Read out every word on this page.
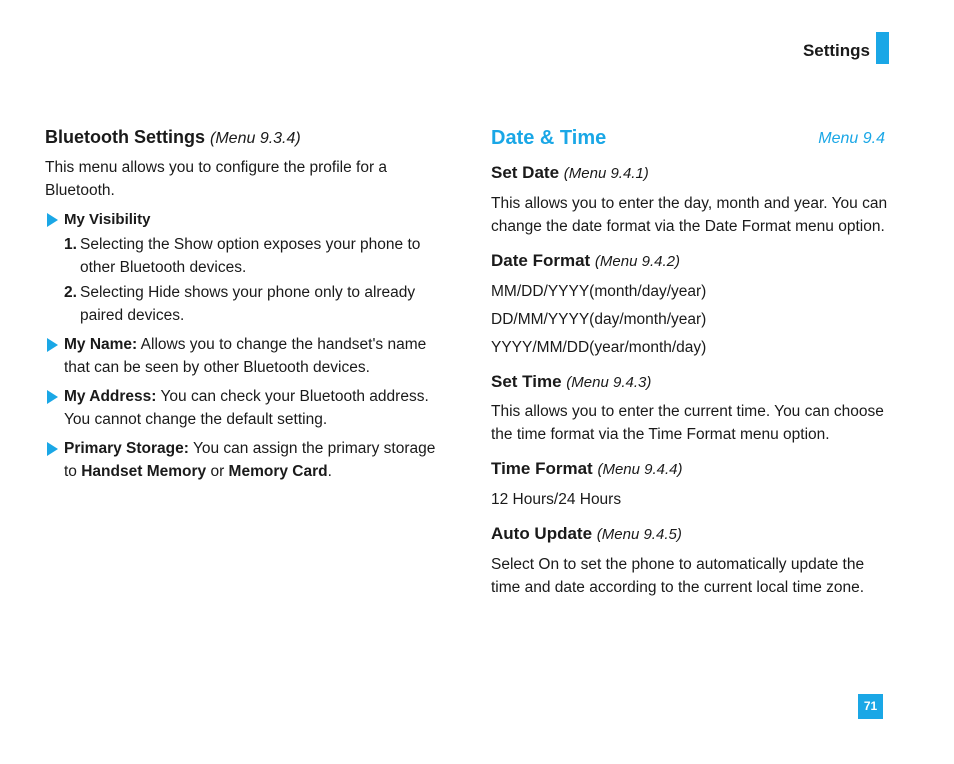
Settings
Bluetooth Settings (Menu 9.3.4)

This menu allows you to configure the profile for a Bluetooth.

My Visibility
1. Selecting the Show option exposes your phone to other Bluetooth devices.
2. Selecting Hide shows your phone only to already paired devices.
My Name: Allows you to change the handset's name that can be seen by other Bluetooth devices.
My Address: You can check your Bluetooth address. You cannot change the default setting.
Primary Storage: You can assign the primary storage to Handset Memory or Memory Card.
Date & Time	Menu 9.4
Set Date (Menu 9.4.1)

This allows you to enter the day, month and year. You can change the date format via the Date Format menu option.

Date Format (Menu 9.4.2)

MM/DD/YYYY(month/day/year)

DD/MM/YYYY(day/month/year)

YYYY/MM/DD(year/month/day)

Set Time (Menu 9.4.3)

This allows you to enter the current time. You can choose the time format via the Time Format menu option.

Time Format (Menu 9.4.4)

12 Hours/24 Hours

Auto Update (Menu 9.4.5)

Select On to set the phone to automatically update the time and date according to the current local time zone.

71
